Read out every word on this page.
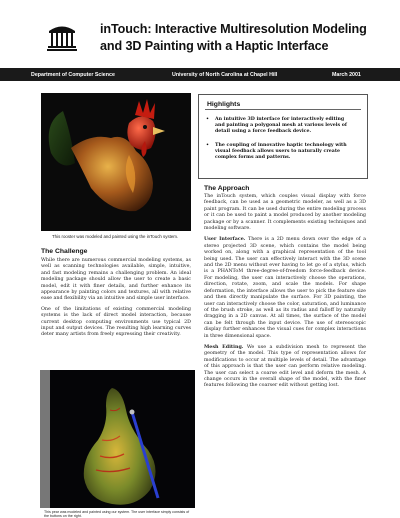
inTouch: Interactive Multiresolution Modeling and 3D Painting with a Haptic Interface
Department of Computer Science	University of North Carolina at Chapel Hill	March 2001
This rooster was modeled and painted using the inTouch system.
Highlights
• An intuitive 3D interface for interactively editing and painting a polygonal mesh at various levels of detail using a force feedback device.
• The coupling of innovative haptic technology with visual feedback allows users to naturally create complex forms and patterns.
The Challenge

While there are numerous commercial modeling systems, as well as scanning technologies available, simple, intuitive, and fast modeling remains a challenging problem. An ideal modeling package should allow the user to create a basic model, edit it with finer details, and further enhance its appearance by painting colors and textures, all with relative ease and flexibility via an intuitive and simple user interface.

One of the limitations of existing commercial modeling systems is the lack of direct model interaction, because current desktop computing environments use typical 2D input and output devices. The resulting high learning curves deter many artists from freely expressing their creativity.

The Approach

The inTouch system, which couples visual display with force feedback, can be used as a geometric modeler, as well as a 3D paint program. It can be used during the entire modeling process or it can be used to paint a model produced by another modeling package or by a scanner. It complements existing techniques and modeling software.

User Interface. There is a 2D menu down over the edge of a stereo projected 3D scene, which contains the model being worked on, along with a graphical representation of the tool being used. The user can effectively interact with the 3D scene and the 2D menu without ever having to let go of a stylus, which is a PHANToM three-degree-of-freedom force-feedback device. For modeling, the user can interactively choose the operations, direction, rotate, zoom, and scale the models. For shape deformation, the interface allows the user to pick the feature size and then directly manipulate the surface. For 3D painting, the user can interactively choose the color, saturation, and luminance of the brush stroke, as well as its radius and falloff by naturally dragging in a 2D canvas. At all times, the surface of the model can be felt through the input device. The use of stereoscopic display further enhances the visual cues for complex interactions in three dimensional space.

Mesh Editing. We use a subdivision mesh to represent the geometry of the model. This type of representation allows for modifications to occur at multiple levels of detail. The advantage of this approach is that the user can perform relative modeling. The user can select a coarse edit level and deform the mesh. A change occurs in the overall shape of the model, with the finer features following the coarser edit without getting lost.

This pear was modeled and painted using our system. The user interface simply consists of the buttons on the right.
